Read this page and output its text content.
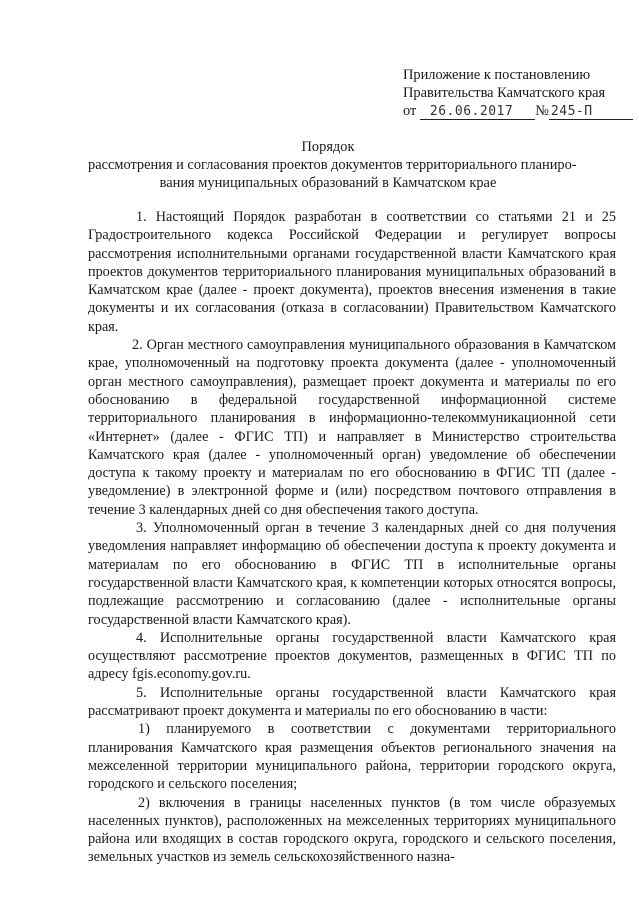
Приложение к постановлению
Правительства Камчатского края
от 26.06.2017 № 245-П
Порядок
рассмотрения и согласования проектов документов территориального планиро-
вания муниципальных образований в Камчатском крае

1. Настоящий Порядок разработан в соответствии со статьями 21 и 25 Градостроительного кодекса Российской Федерации и регулирует вопросы рассмотрения исполнительными органами государственной власти Камчатского края проектов документов территориального планирования муниципальных образований в Камчатском крае (далее - проект документа), проектов внесения изменения в такие документы и их согласования (отказа в согласовании) Правительством Камчатского края.

2. Орган местного самоуправления муниципального образования в Камчатском крае, уполномоченный на подготовку проекта документа (далее - уполномоченный орган местного самоуправления), размещает проект документа и материалы по его обоснованию в федеральной государственной информационной системе территориального планирования в информационно-телекоммуникационной сети «Интернет» (далее - ФГИС ТП) и направляет в Министерство строительства Камчатского края (далее - уполномоченный орган) уведомление об обеспечении доступа к такому проекту и материалам по его обоснованию в ФГИС ТП (далее - уведомление) в электронной форме и (или) посредством почтового отправления в течение 3 календарных дней со дня обеспечения такого доступа.

3. Уполномоченный орган в течение 3 календарных дней со дня получения уведомления направляет информацию об обеспечении доступа к проекту документа и материалам по его обоснованию в ФГИС ТП в исполнительные органы государственной власти Камчатского края, к компетенции которых относятся вопросы, подлежащие рассмотрению и согласованию (далее - исполнительные органы государственной власти Камчатского края).

4. Исполнительные органы государственной власти Камчатского края осуществляют рассмотрение проектов документов, размещенных в ФГИС ТП по адресу fgis.economy.gov.ru.

5. Исполнительные органы государственной власти Камчатского края рассматривают проект документа и материалы по его обоснованию в части:

1) планируемого в соответствии с документами территориального планирования Камчатского края размещения объектов регионального значения на межселенной территории муниципального района, территории городского округа, городского и сельского поселения;

2) включения в границы населенных пунктов (в том числе образуемых населенных пунктов), расположенных на межселенных территориях муниципального района или входящих в состав городского округа, городского и сельского поселения, земельных участков из земель сельскохозяйственного назна-
